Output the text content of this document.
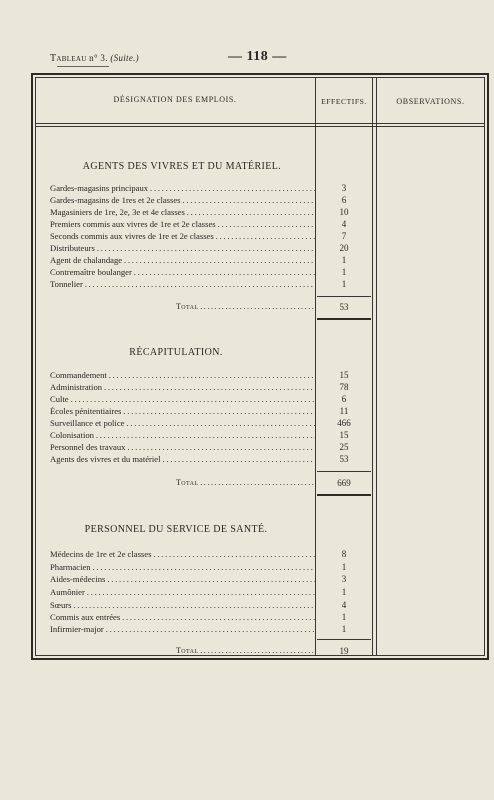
Tableau n° 3. (Suite.)	— 118 —
DÉSIGNATION DES EMPLOIS.	EFFECTIFS.	OBSERVATIONS.
AGENTS DES VIVRES ET DU MATÉRIEL.
Gardes-magasins principaux . . .	3
Gardes-magasins de 1res et 2e classes . . .	6
Magasiniers de 1re, 2e, 3e et 4e classes . . .	10
Premiers commis aux vivres de 1re et 2e classes . . .	4
Seconds commis aux vivres de 1re et 2e classes . . .	7
Distributeurs . . .	20
Agent de chalandage . . .	1
Contremaître boulanger . . .	1
Tonnelier . . .	1
Total . . .	53
RÉCAPITULATION.
Commandement . . .	15
Administration . . .	78
Culte . . .	6
Écoles pénitentiaires . . .	11
Surveillance et police . . .	466
Colonisation . . .	15
Personnel des travaux . . .	25
Agents des vivres et du matériel . . .	53
Total . . .	669
PERSONNEL DU SERVICE DE SANTÉ.
Médecins de 1re et 2e classes . . .	8
Pharmacien . . .	1
Aides-médecins . . .	3
Aumônier . . .	1
Sœurs . . .	4
Commis aux entrées . . .	1
Infirmier-major . . .	1
Total . . .	19
